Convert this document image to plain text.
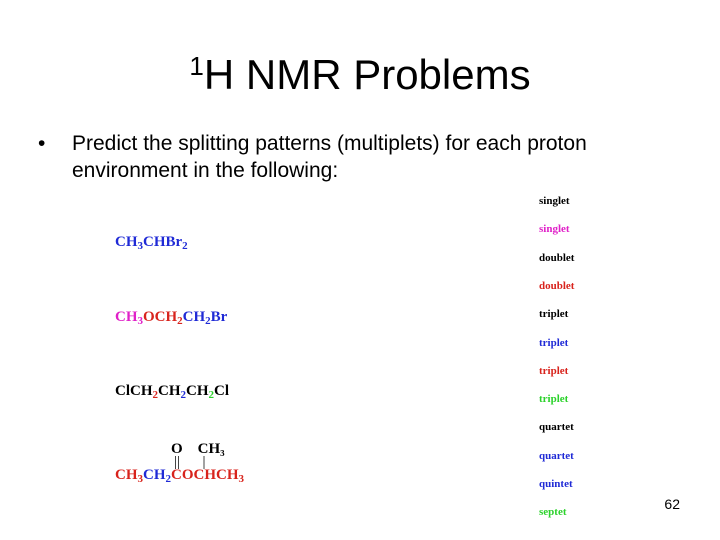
$^1$H NMR Problems
• Predict the splitting patterns (multiplets) for each proton environment in the following:
$CH_3CHBr_2$
$CH_3OCH_2CH_2Br$
$ClCH_2CH_2CH_2Cl$
O    CH₃
||      |
$CH_3CH_2COCHCH_3$
singlet
singlet
doublet
doublet
triplet
triplet
triplet
triplet
quartet
quartet
quintet
septet	62
